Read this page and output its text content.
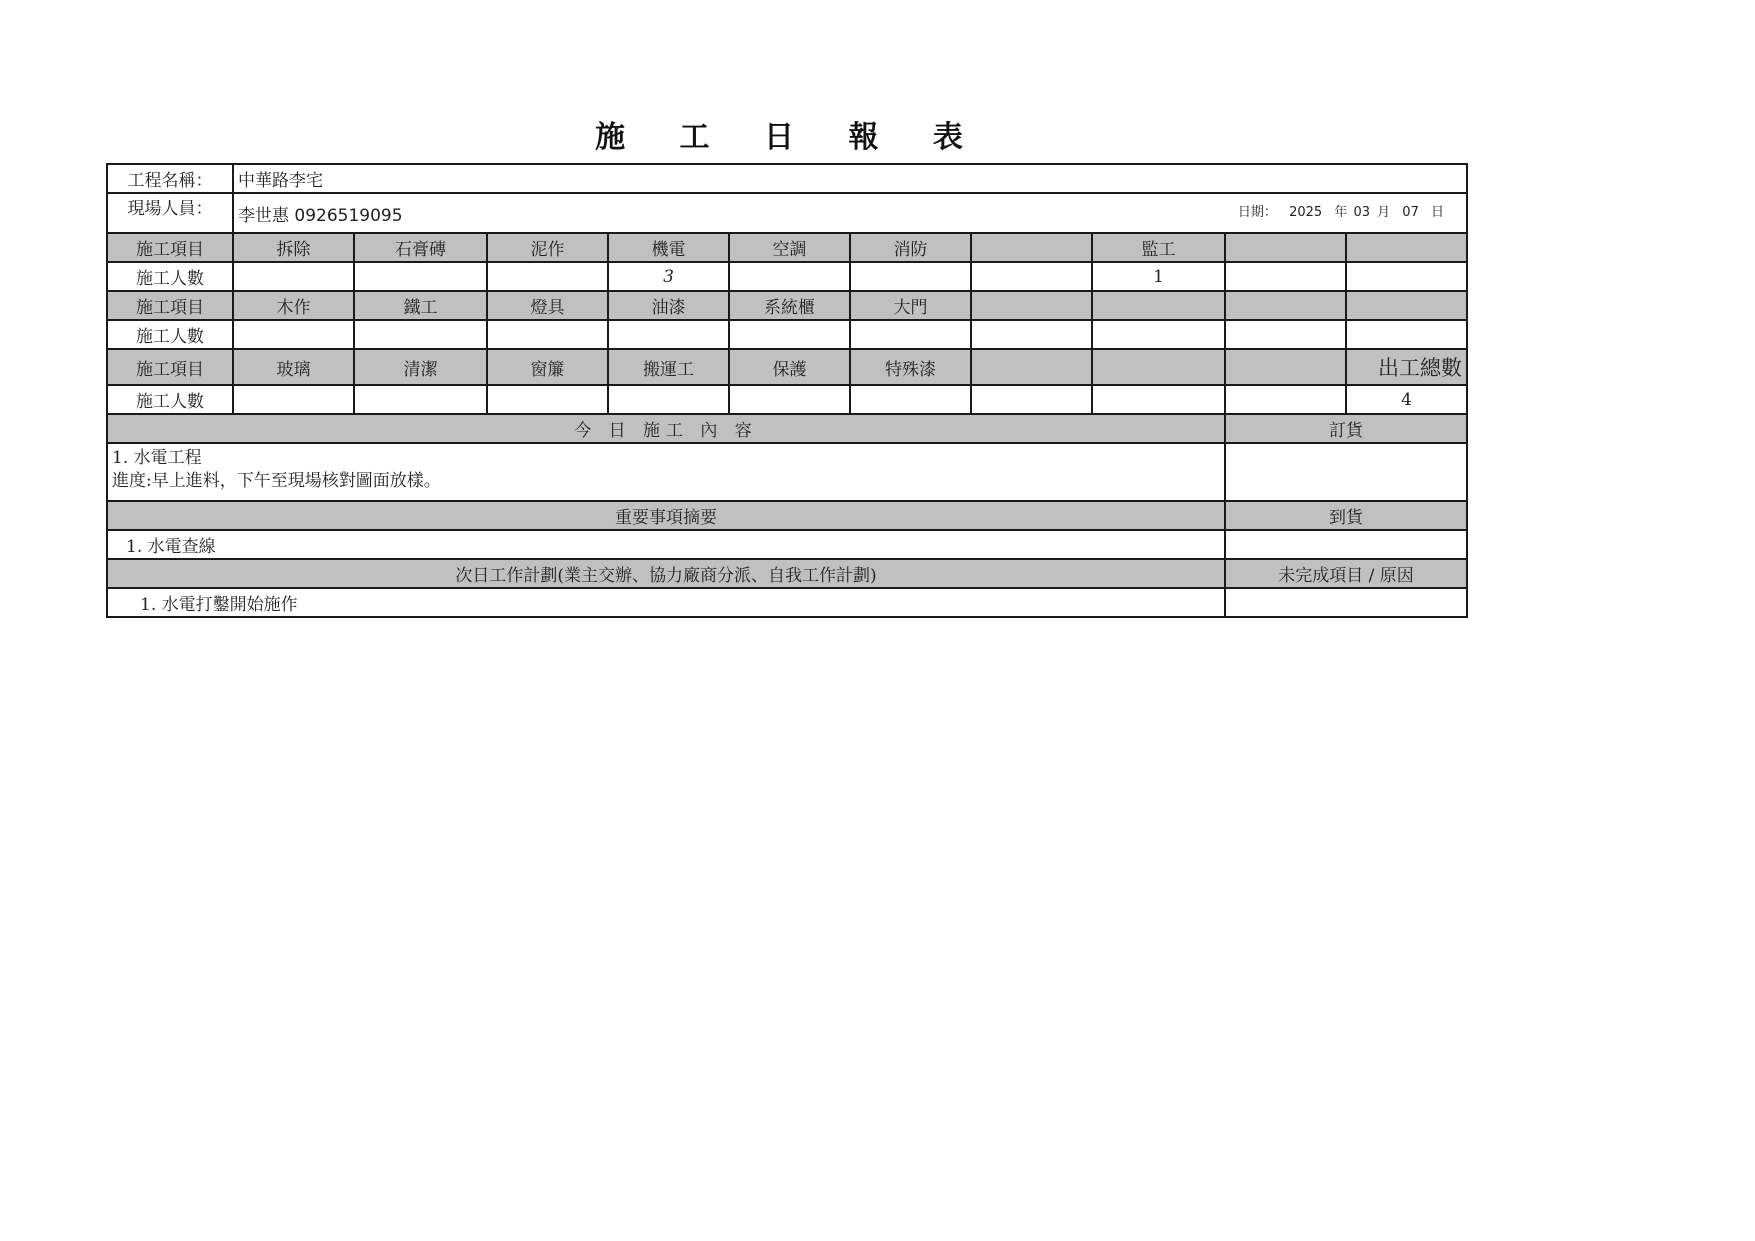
施 工 日 報 表
工程名稱：	中華路李宅									
現場人員：	李世惠 0926519095 日期： 2025 年 03 月 07 日									

施工項目	拆除	石膏磚	泥作	機電	空調	消防		監工		
施工人數				3				1		
施工項目	木作	鐵工	燈具	油漆	系統櫃	大門				
施工人數										
施工項目	玻璃	清潔	窗簾	搬運工	保護	特殊漆				出工總數
施工人數										4
今 日 施工 內 容									訂貨	

1. 水電工程
進度:早上進料，下午至現場核對圖面放樣。										

重要事項摘要									到貨	
1. 水電查線										
次日工作計劃(業主交辦、協力廠商分派、自我工作計劃)									未完成項目 / 原因	
1. 水電打鑿開始施作										
